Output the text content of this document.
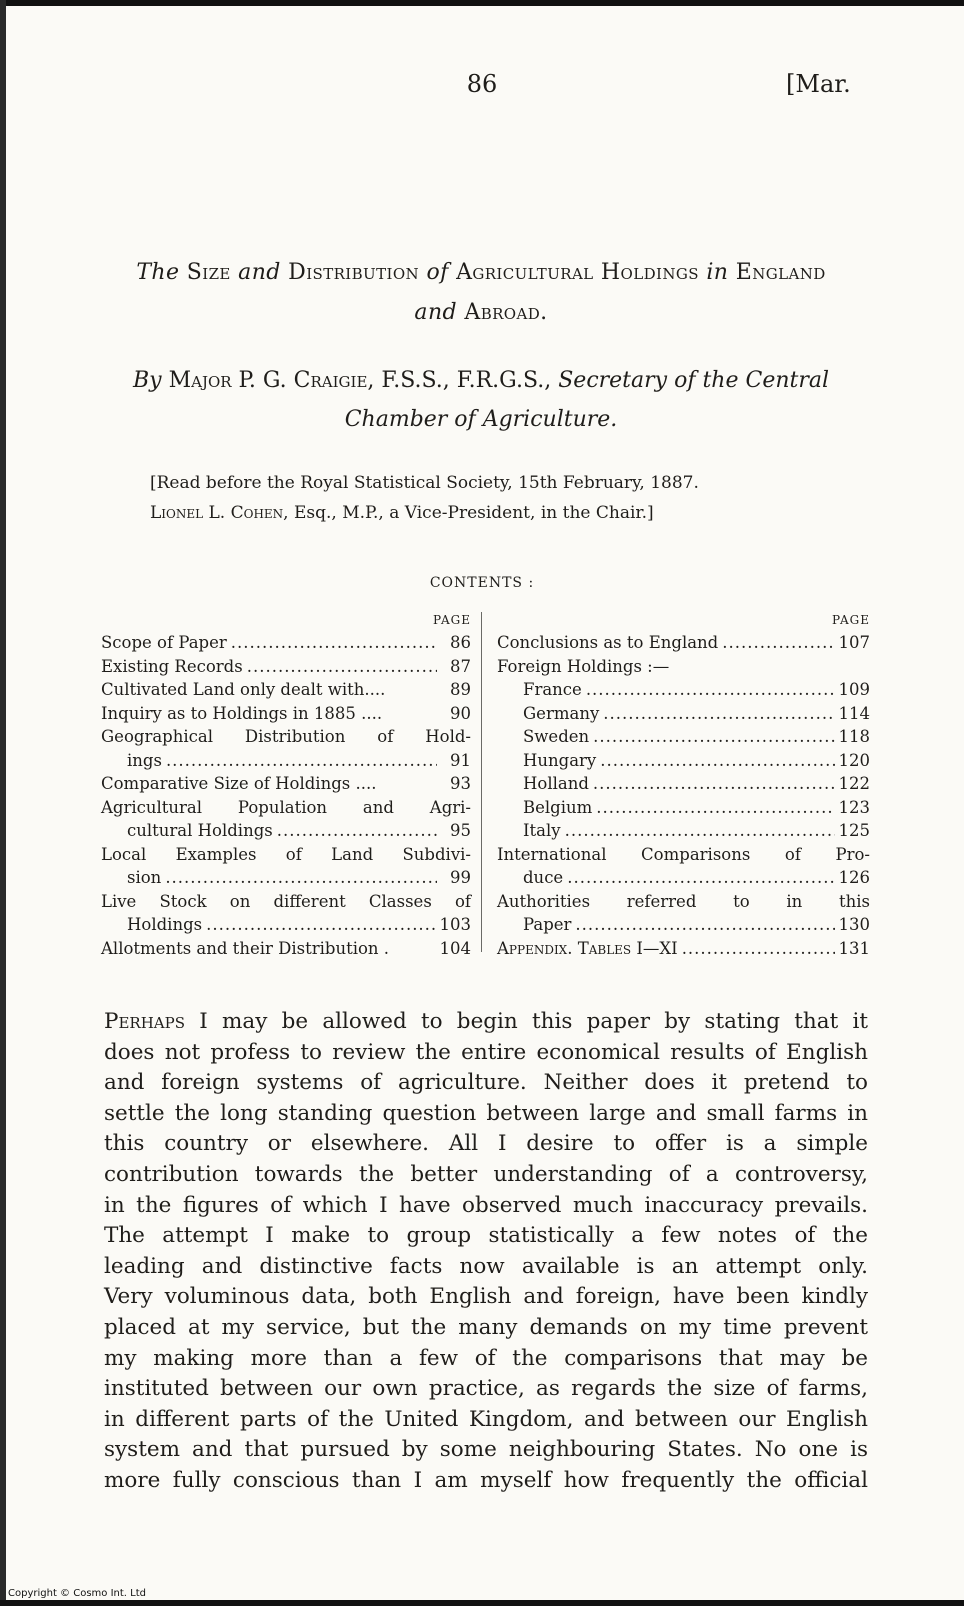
86	[Mar.
The Size and Distribution of Agricultural Holdings in England
and Abroad.
By Major P. G. Craigie, F.S.S., F.R.G.S., Secretary of the Central
Chamber of Agriculture.
[Read before the Royal Statistical Society, 15th February, 1887.
Lionel L. Cohen, Esq., M.P., a Vice-President, in the Chair.]
CONTENTS :
PAGE
Scope of Paper .....	86
Existing Records .....	87
Cultivated Land only dealt with....	89
Inquiry as to Holdings in 1885 ....	90
Geographical Distribution of Hold-
ings .....	91
Comparative Size of Holdings ....	93
Agricultural Population and Agri-
cultural Holdings .....	95
Local Examples of Land Subdivi-
sion .....	99
Live Stock on different Classes of
Holdings .....	103
Allotments and their Distribution .	104
PAGE
Conclusions as to England .....	107
Foreign Holdings :—
France .....	109
Germany .....	114
Sweden .....	118
Hungary .....	120
Holland .....	122
Belgium .....	123
Italy .....	125
International Comparisons of Pro-
duce .....	126
Authorities referred to in this
Paper .....	130
Appendix. Tables I—XI .....	131
Perhaps I may be allowed to begin this paper by stating that it
does not profess to review the entire economical results of English
and foreign systems of agriculture. Neither does it pretend to
settle the long standing question between large and small farms in
this country or elsewhere. All I desire to offer is a simple
contribution towards the better understanding of a controversy,
in the figures of which I have observed much inaccuracy prevails.
The attempt I make to group statistically a few notes of the
leading and distinctive facts now available is an attempt only.
Very voluminous data, both English and foreign, have been kindly
placed at my service, but the many demands on my time prevent
my making more than a few of the comparisons that may be
instituted between our own practice, as regards the size of farms,
in different parts of the United Kingdom, and between our English
system and that pursued by some neighbouring States. No one is
more fully conscious than I am myself how frequently the official
Copyright © Cosmo Int. Ltd
